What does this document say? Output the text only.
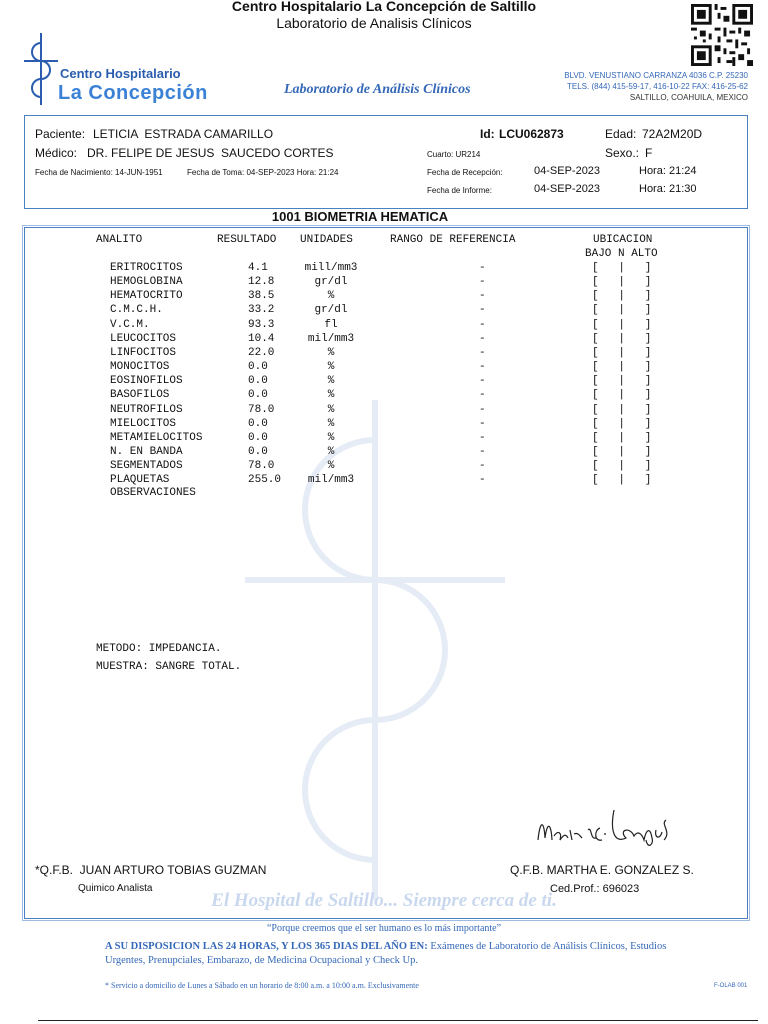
Centro Hospitalario La Concepción de Saltillo
Laboratorio de Analisis Clínicos
Centro Hospitalario
La Concepción	Laboratorio de Análisis Clínicos
BLVD. VENUSTIANO CARRANZA 4036 C.P. 25230
TELS. (844) 415-59-17, 416-10-22 FAX: 416-25-62
SALTILLO, COAHUILA, MEXICO
Paciente: LETICIA  ESTRADA CAMARILLO	Id: LCU062873	Edad: 72A2M20D
Médico: DR. FELIPE DE JESUS  SAUCEDO CORTES	Cuarto: UR214	Sexo.: F
Fecha de Nacimiento: 14-JUN-1951	Fecha de Toma: 04-SEP-2023 Hora: 21:24	Fecha de Recepción:	04-SEP-2023	Hora: 21:24
Fecha de Informe:	04-SEP-2023	Hora: 21:30
1001 BIOMETRIA HEMATICA
ANALITO	RESULTADO UNIDADES	RANGO DE REFERENCIA	UBICACION
BAJO N ALTO
ERITROCITOS	4.1	mill/mm3	-	[   |   ]
HEMOGLOBINA	12.8	gr/dl	-	[   |   ]
HEMATOCRITO	38.5	%	-	[   |   ]
C.M.C.H.	33.2	gr/dl	-	[   |   ]
V.C.M.	93.3	fl	-	[   |   ]
LEUCOCITOS	10.4	mil/mm3	-	[   |   ]
LINFOCITOS	22.0	%	-	[   |   ]
MONOCITOS	0.0	%	-	[   |   ]
EOSINOFILOS	0.0	%	-	[   |   ]
BASOFILOS	0.0	%	-	[   |   ]
NEUTROFILOS	78.0	%	-	[   |   ]
MIELOCITOS	0.0	%	-	[   |   ]
METAMIELOCITOS	0.0	%	-	[   |   ]
N. EN BANDA	0.0	%	-	[   |   ]
SEGMENTADOS	78.0	%	-	[   |   ]
PLAQUETAS	255.0	mil/mm3	-	[   |   ]
OBSERVACIONES
METODO: IMPEDANCIA.
MUESTRA: SANGRE TOTAL.
*Q.F.B.  JUAN ARTURO TOBIAS GUZMAN
Quimico Analista
Q.F.B. MARTHA E. GONZALEZ S.
Ced.Prof.: 696023
El Hospital de Saltillo... Siempre cerca de ti.
“Porque creemos que el ser humano es lo más importante”
A SU DISPOSICION LAS 24 HORAS, Y LOS 365 DIAS DEL AÑO EN: Exámenes de Laboratorio de Análisis Clínicos, Estudios Urgentes, Prenupciales, Embarazo, de Medicina Ocupacional y Check Up.
* Servicio a domicilio de Lunes a Sábado en un horario de 8:00 a.m. a 10:00 a.m. Exclusivamente	F-OLAB 001
